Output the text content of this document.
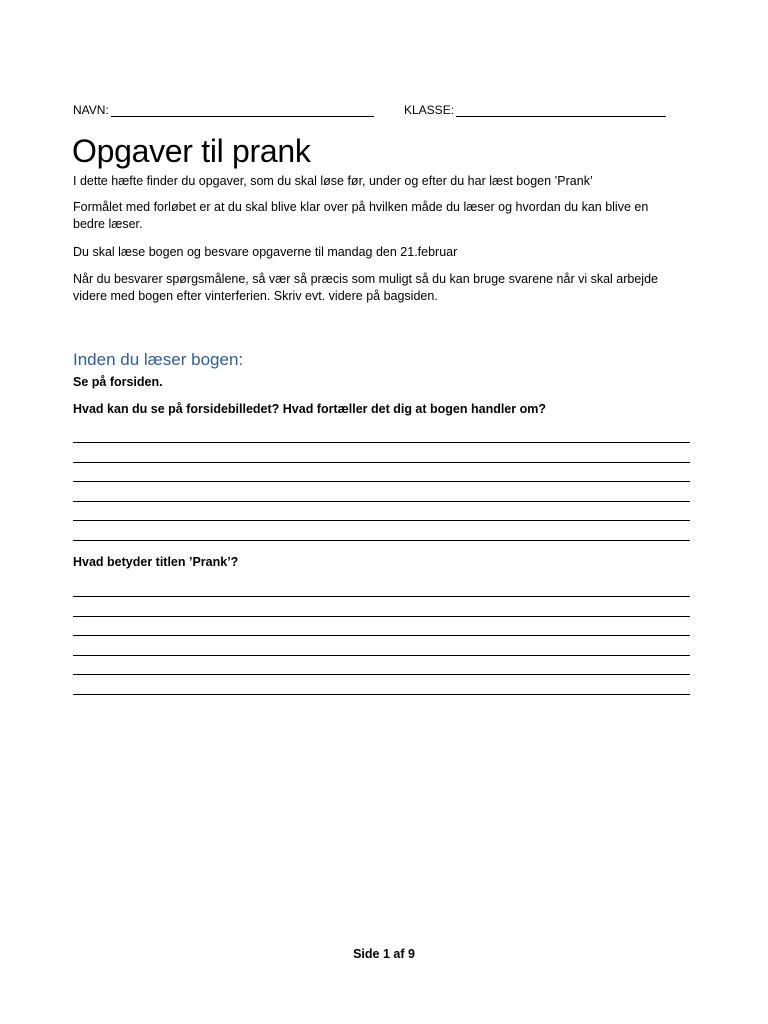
NAVN:	KLASSE:
Opgaver til prank

I dette hæfte finder du opgaver, som du skal løse før, under og efter du har læst bogen ’Prank’

Formålet med forløbet er at du skal blive klar over på hvilken måde du læser og hvordan du kan blive en
bedre læser.

Du skal læse bogen og besvare opgaverne til mandag den 21.februar

Når du besvarer spørgsmålene, så vær så præcis som muligt så du kan bruge svarene når vi skal arbejde
videre med bogen efter vinterferien. Skriv evt. videre på bagsiden.

Inden du læser bogen:

Se på forsiden.

Hvad kan du se på forsidebilledet? Hvad fortæller det dig at bogen handler om?

Hvad betyder titlen ’Prank’?

Side 1 af 9
